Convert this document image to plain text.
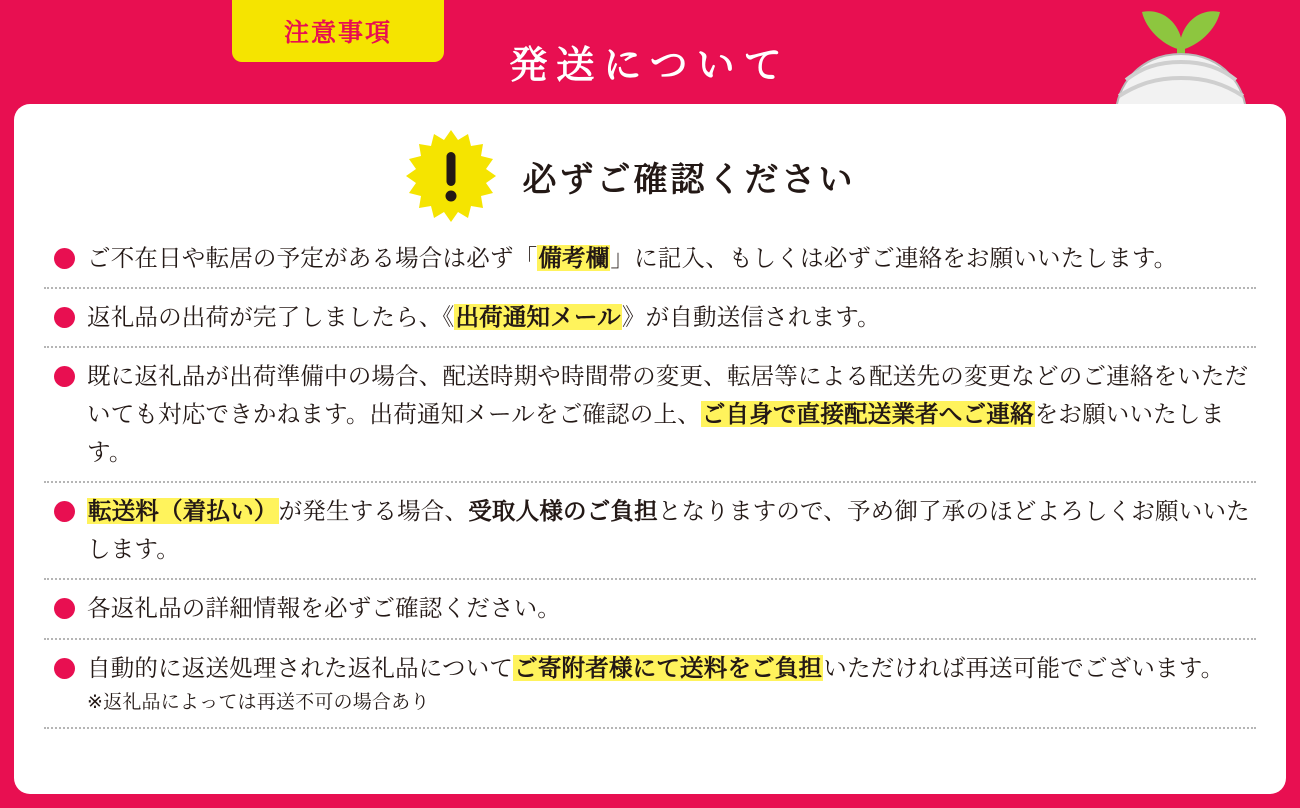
注意事項
発送について
必ずご確認ください
ご不在日や転居の予定がある場合は必ず「備考欄」に記入、もしくは必ずご連絡をお願いいたします。
返礼品の出荷が完了しましたら、《出荷通知メール》が自動送信されます。
既に返礼品が出荷準備中の場合、配送時期や時間帯の変更、転居等による配送先の変更などのご連絡をいただいても対応できかねます。出荷通知メールをご確認の上、ご自身で直接配送業者へご連絡をお願いいたします。
転送料（着払い）が発生する場合、受取人様のご負担となりますので、予め御了承のほどよろしくお願いいたします。
各返礼品の詳細情報を必ずご確認ください。
自動的に返送処理された返礼品についてご寄附者様にて送料をご負担いただければ再送可能でございます。
※返礼品によっては再送不可の場合あり
